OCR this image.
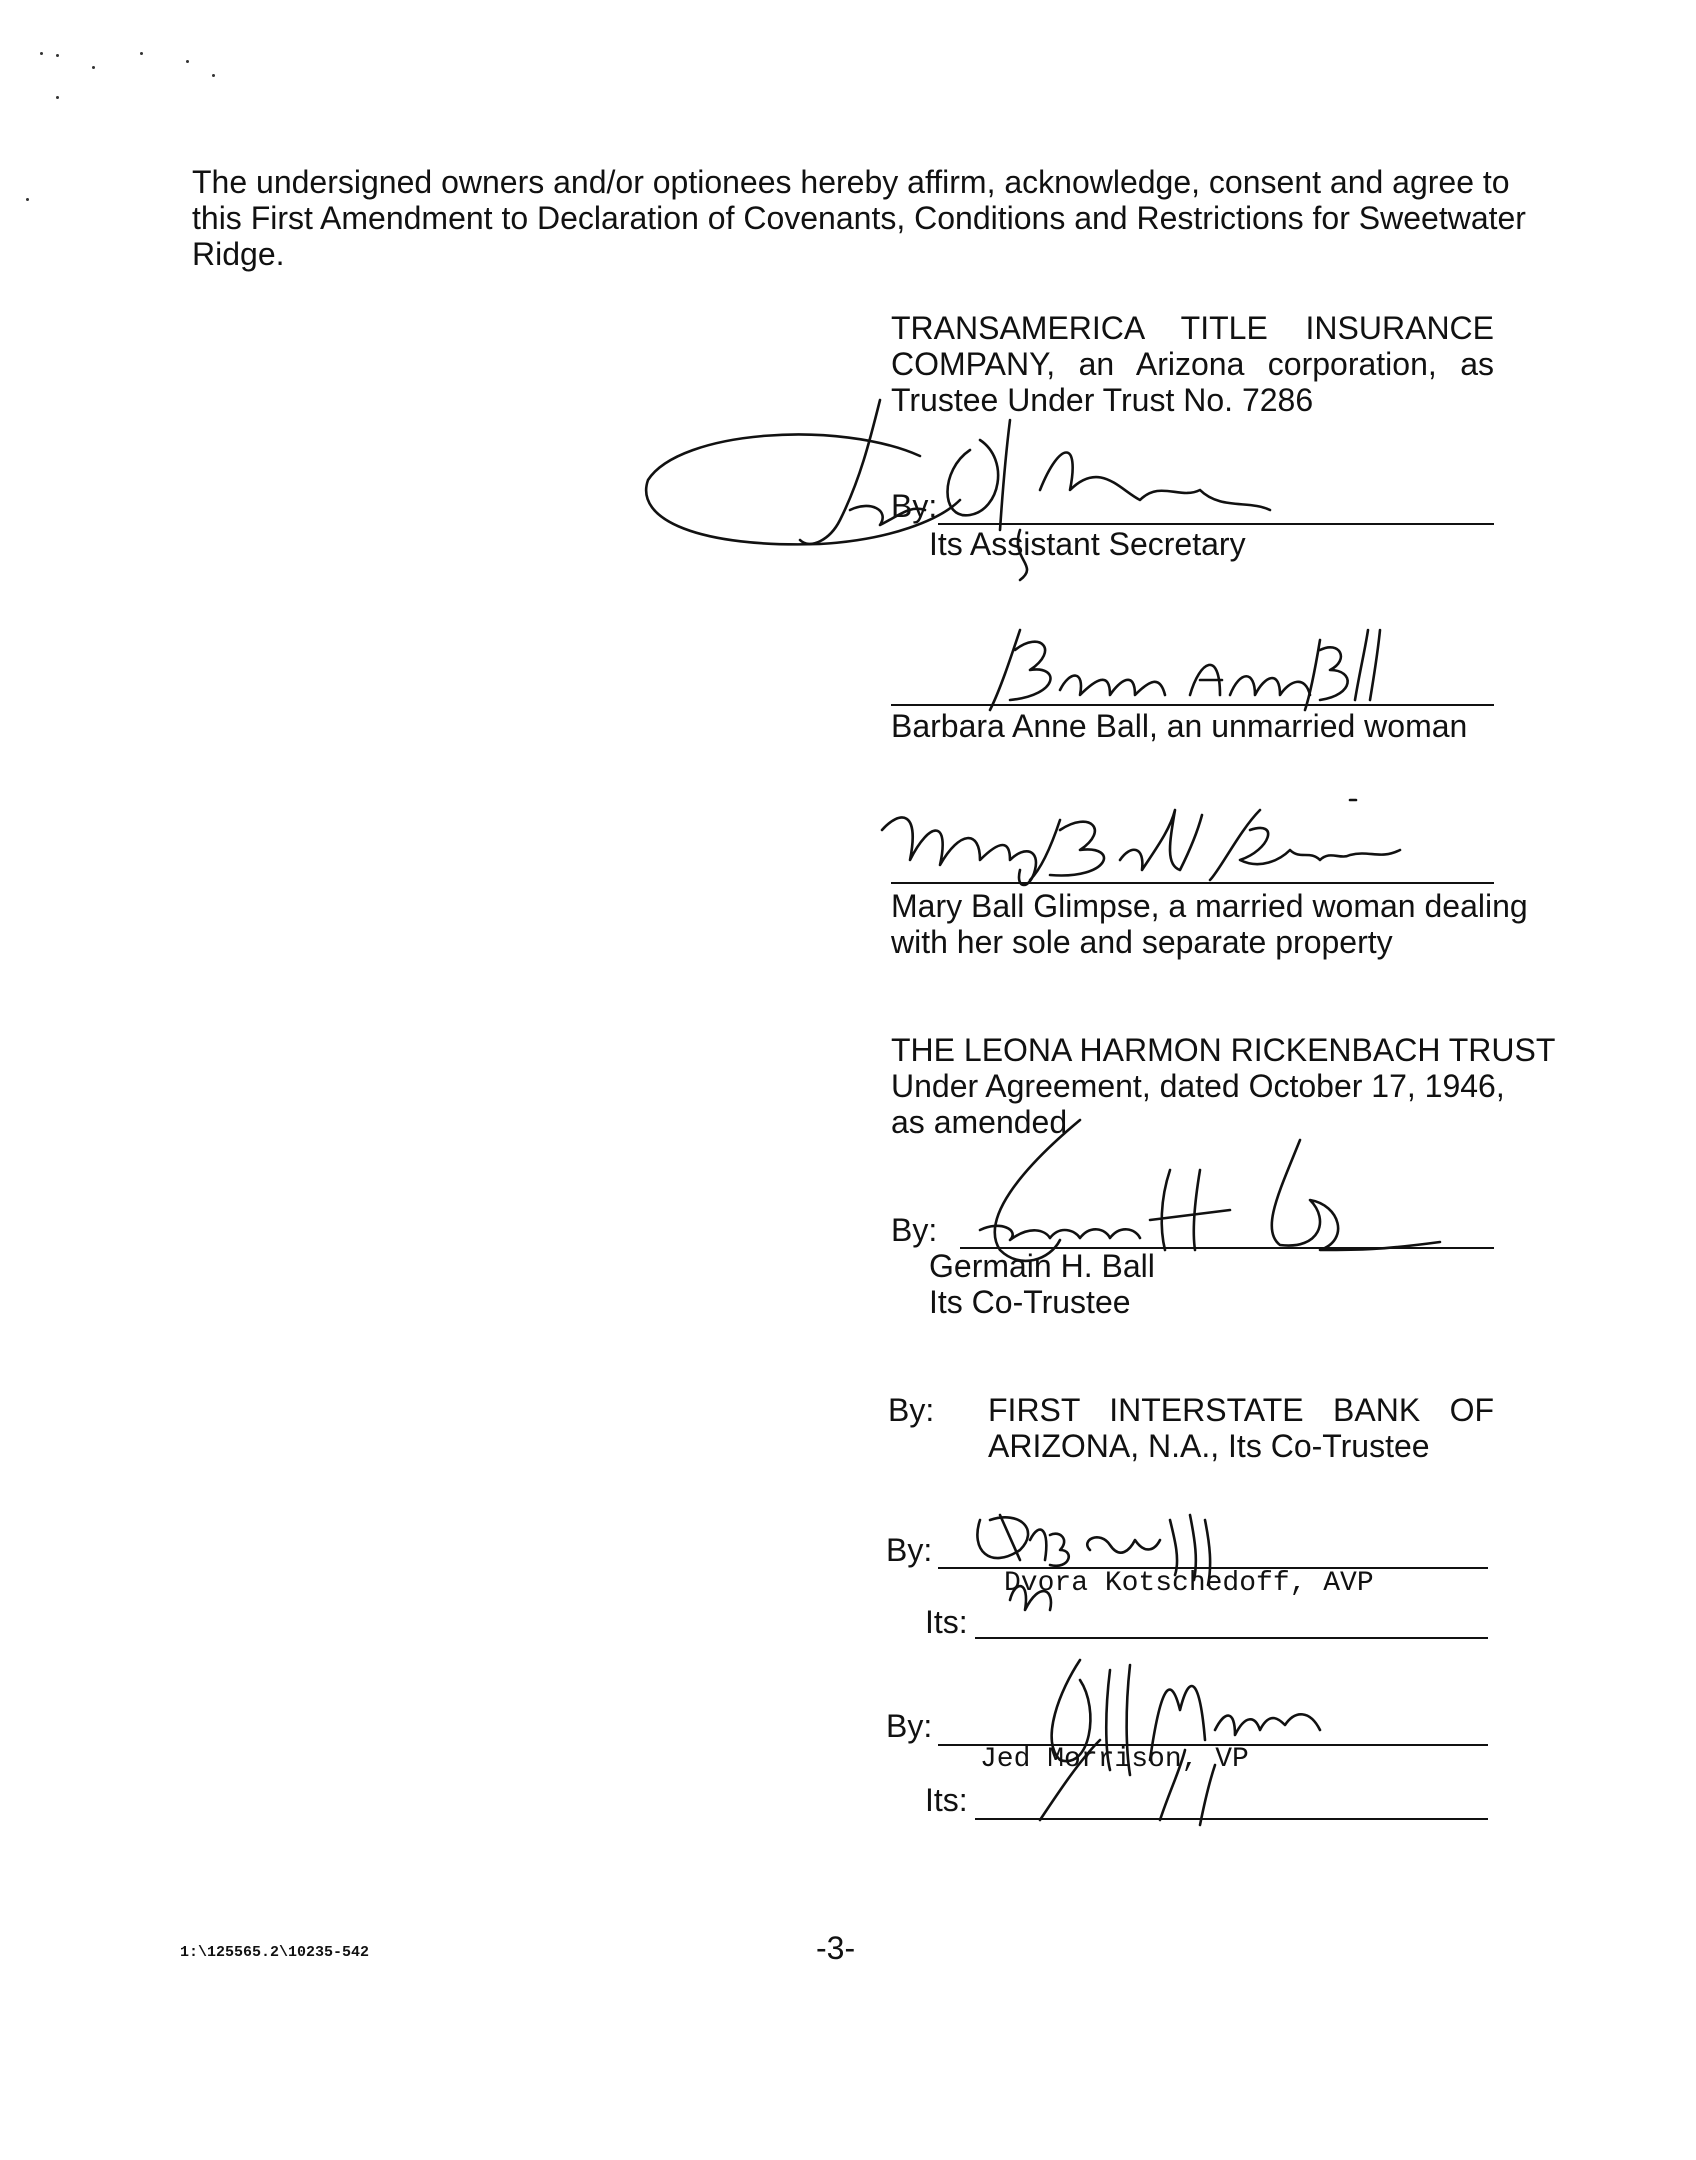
The undersigned owners and/or optionees hereby affirm, acknowledge, consent and agree to
this First Amendment to Declaration of Covenants, Conditions and Restrictions for Sweetwater
Ridge.
TRANSAMERICA TITLE INSURANCE
COMPANY, an Arizona corporation, as
Trustee Under Trust No. 7286
By:
Its Assistant Secretary
Barbara Anne Ball, an unmarried woman
Mary Ball Glimpse, a married woman dealing
with her sole and separate property
THE LEONA HARMON RICKENBACH TRUST
Under Agreement, dated October 17, 1946,
as amended
By:
Germain H. Ball
Its Co-Trustee
By: FIRST INTERSTATE BANK OF
ARIZONA, N.A., Its Co-Trustee
By:
Dvora Kotschedoff, AVP
Its:
By:
Jed Morrison, VP
Its:
1:\125565.2\10235-542	-3-
